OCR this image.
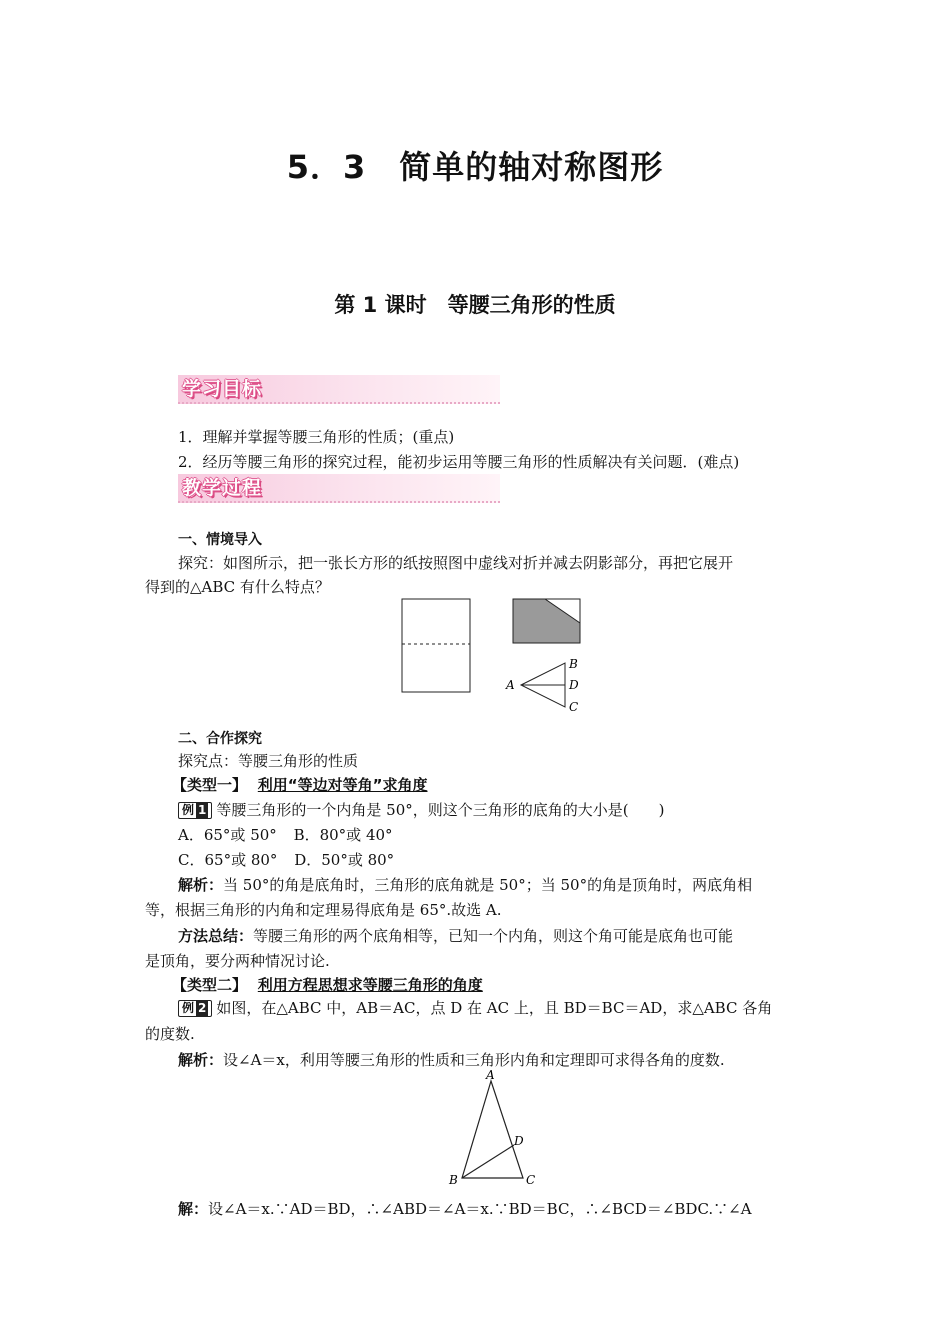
5．3　简单的轴对称图形
第 1 课时　等腰三角形的性质
学习目标
1．理解并掌握等腰三角形的性质；(重点)
2．经历等腰三角形的探究过程，能初步运用等腰三角形的性质解决有关问题．(难点)
教学过程
一、情境导入
探究：如图所示，把一张长方形的纸按照图中虚线对折并减去阴影部分，再把它展开
得到的△ABC 有什么特点？
A
B
D
C
二、合作探究
探究点：等腰三角形的性质
【类型一】 利用“等边对等角”求角度
例 1 等腰三角形的一个内角是 50°，则这个三角形的底角的大小是(　　)
A．65°或 50° B．80°或 40°
C．65°或 80° D．50°或 80°
解析：当 50°的角是底角时，三角形的底角就是 50°；当 50°的角是顶角时，两底角相
等，根据三角形的内角和定理易得底角是 65°.故选 A.
方法总结：等腰三角形的两个底角相等，已知一个内角，则这个角可能是底角也可能
是顶角，要分两种情况讨论.
【类型二】 利用方程思想求等腰三角形的角度
例 2 如图，在△ABC 中，AB＝AC，点 D 在 AC 上，且 BD＝BC＝AD，求△ABC 各角
的度数.
解析：设∠A＝x，利用等腰三角形的性质和三角形内角和定理即可求得各角的度数.
A
B	C
D
解：设∠A＝x.∵AD＝BD，∴∠ABD＝∠A＝x.∵BD＝BC，∴∠BCD＝∠BDC.∵∠A
